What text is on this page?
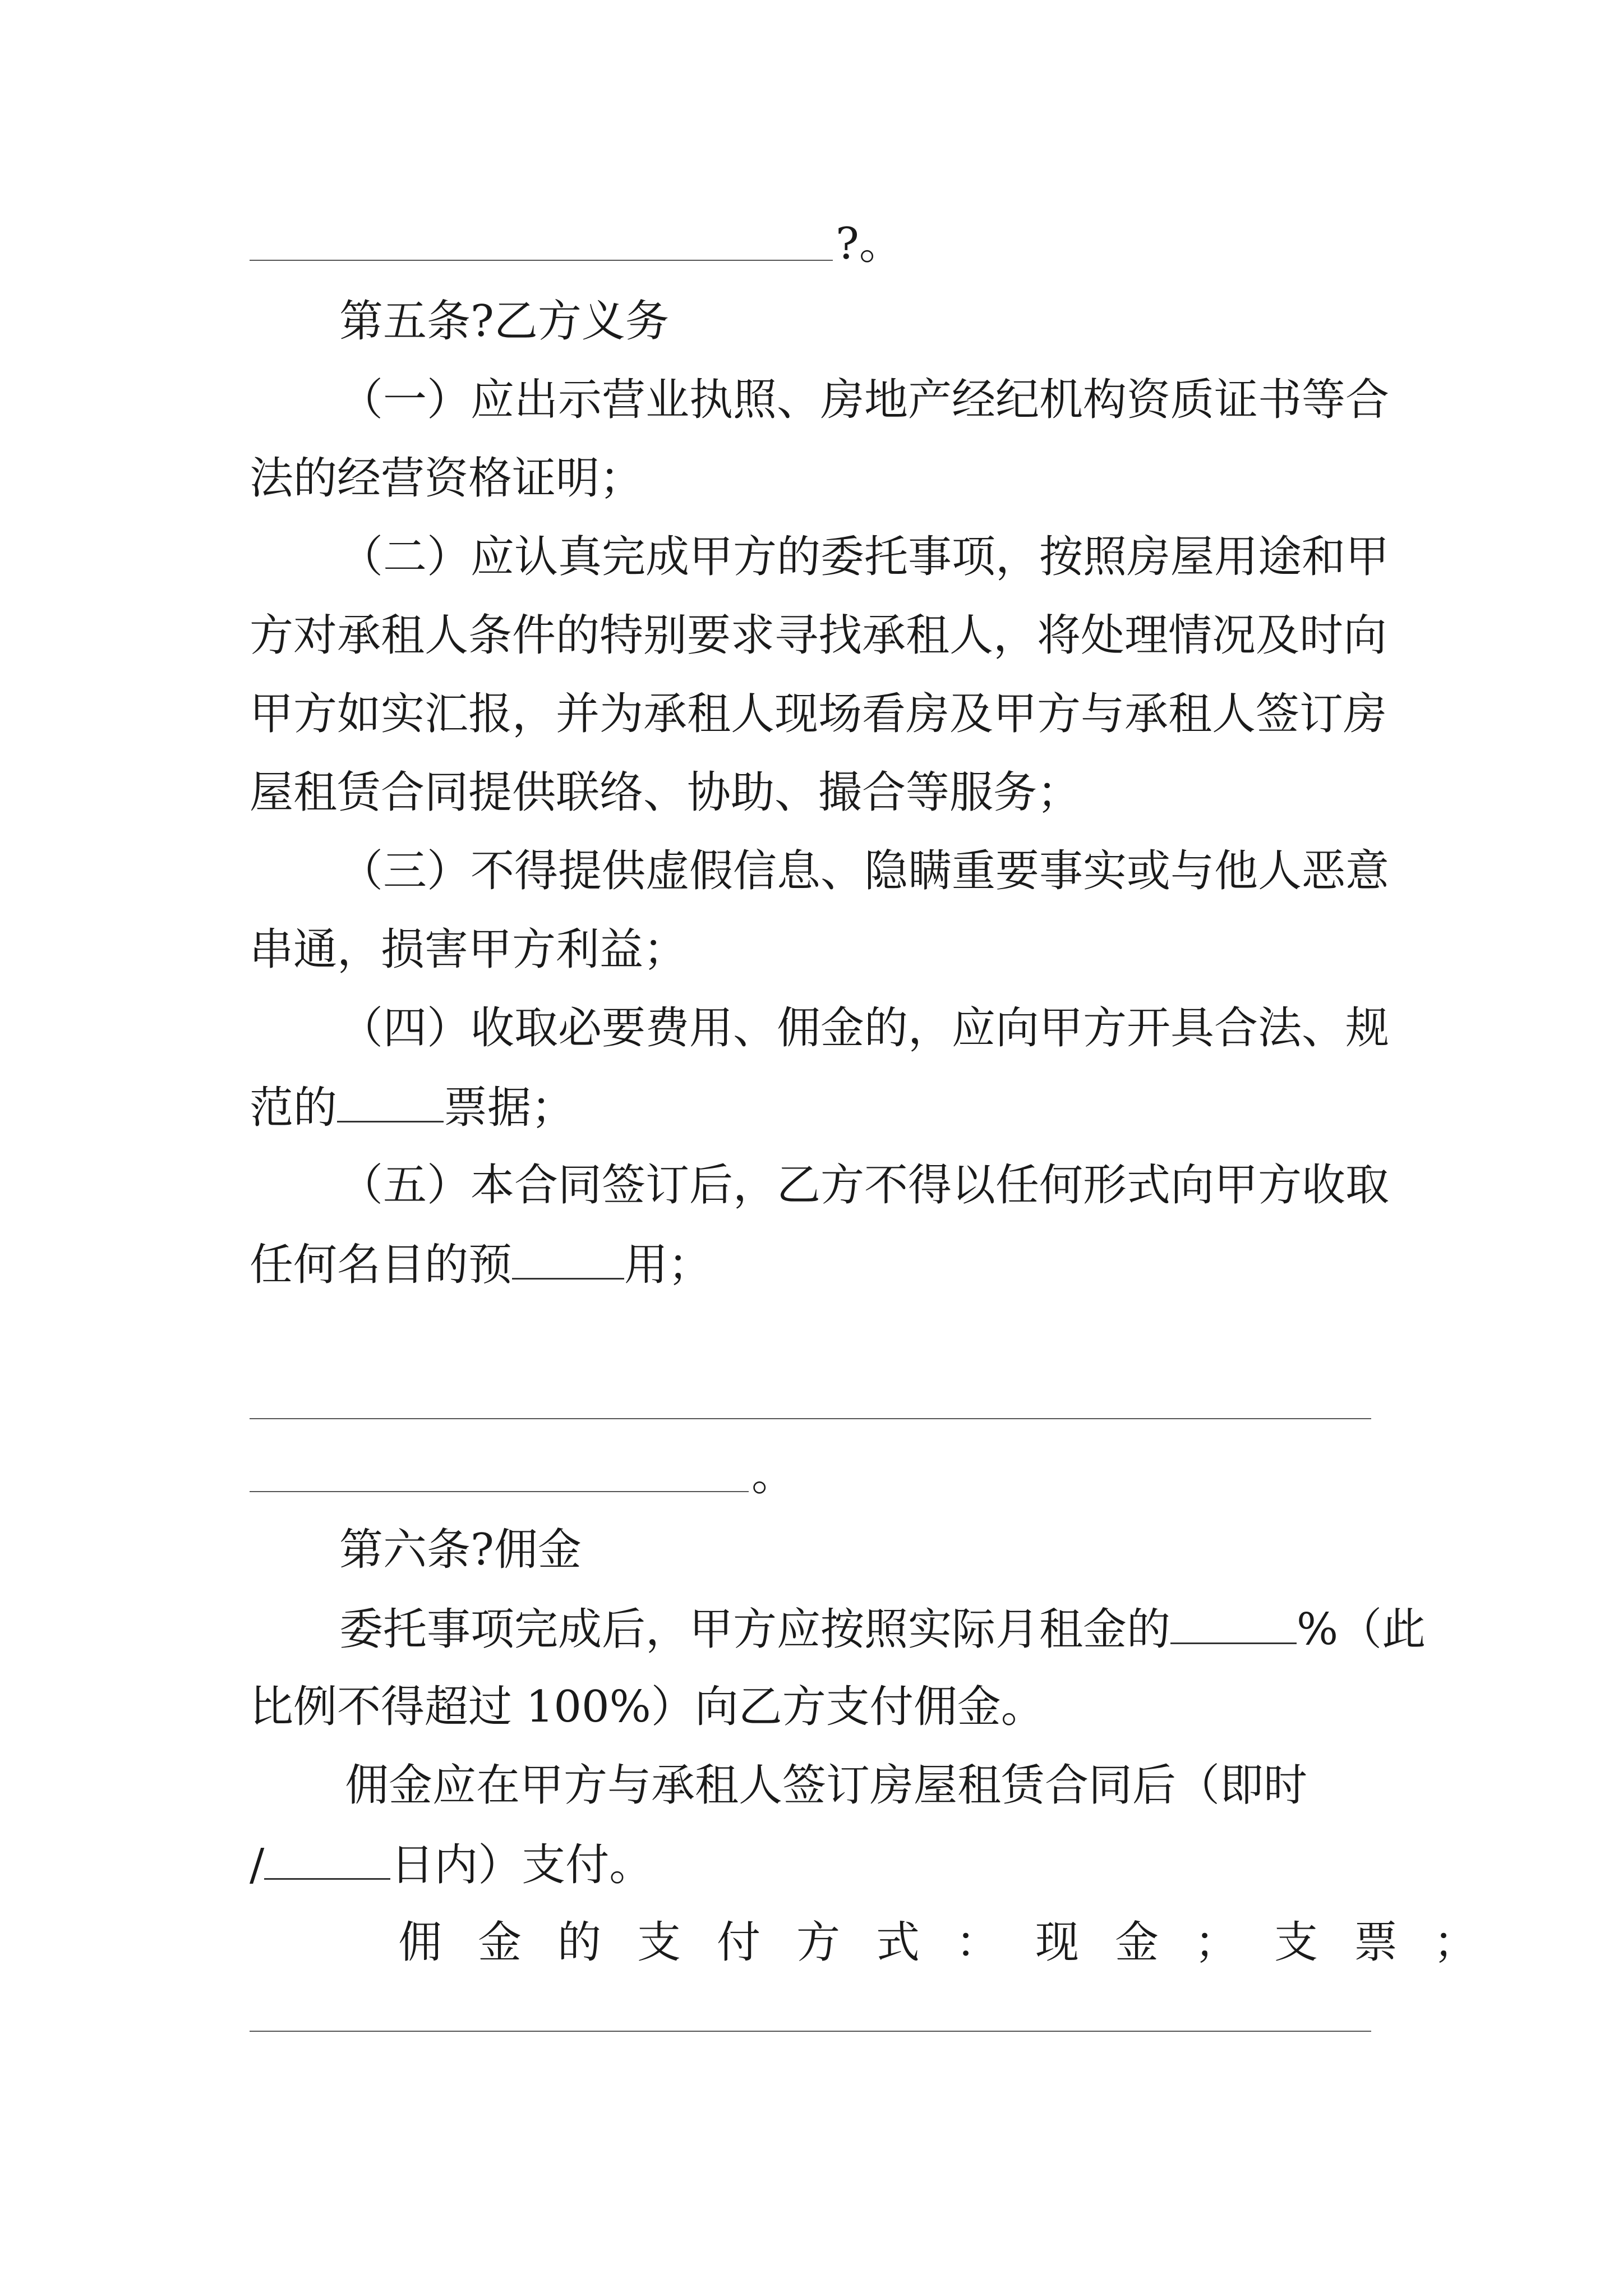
?。
第五条?乙方义务
（一）应出示营业执照、房地产经纪机构资质证书等合
法的经营资格证明；
（二）应认真完成甲方的委托事项，按照房屋用途和甲
方对承租人条件的特别要求寻找承租人，将处理情况及时向
甲方如实汇报，并为承租人现场看房及甲方与承租人签订房
屋租赁合同提供联络、协助、撮合等服务；
（三）不得提供虚假信息、隐瞒重要事实或与他人恶意
串通，损害甲方利益；
（四）收取必要费用、佣金的，应向甲方开具合法、规
范的 票据；
（五）本合同签订后，乙方不得以任何形式向甲方收取
任何名目的预	用；
。
第六条?佣金
委托事项完成后，甲方应按照实际月租金的	%（此
比例不得超过 100%）向乙方支付佣金。
佣金应在甲方与承租人签订房屋租赁合同后（即时
/	日内）支付。
佣金的支付方式：现金；支票；
